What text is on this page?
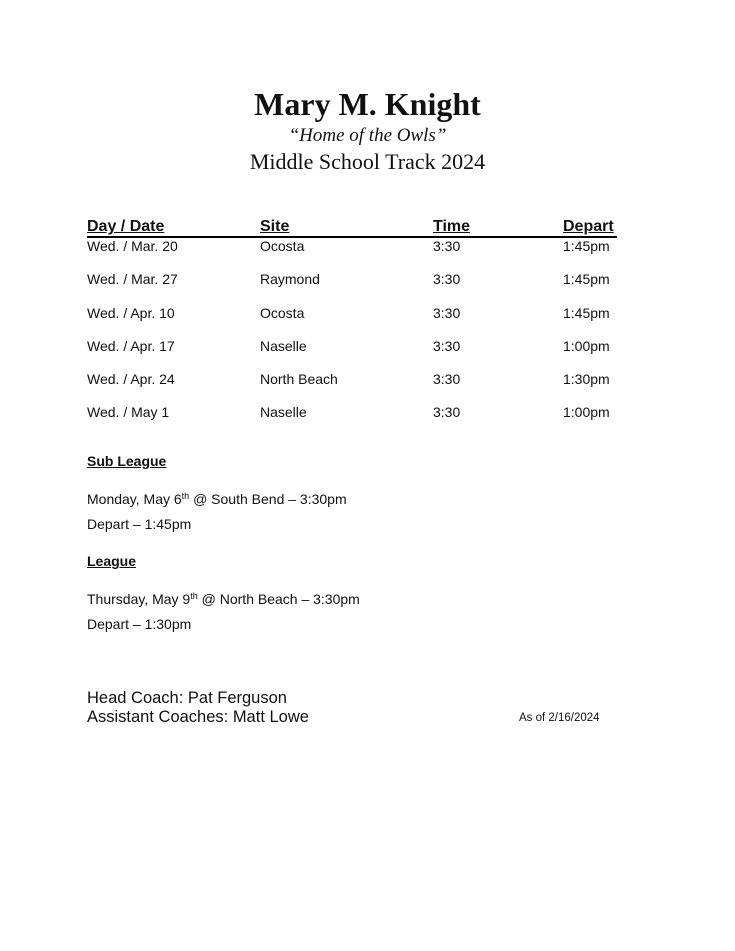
Mary M. Knight
“Home of the Owls”
Middle School Track 2024
Day / Date	Site	Time	Depart
Wed. / Mar. 20	Ocosta	3:30	1:45pm
Wed. / Mar. 27	Raymond	3:30	1:45pm
Wed. / Apr. 10	Ocosta	3:30	1:45pm
Wed. / Apr. 17	Naselle	3:30	1:00pm
Wed. / Apr. 24	North Beach	3:30	1:30pm
Wed. / May 1	Naselle	3:30	1:00pm
Sub League
Monday, May 6th @ South Bend – 3:30pm
Depart – 1:45pm
League
Thursday, May 9th @ North Beach – 3:30pm
Depart – 1:30pm
Head Coach: Pat Ferguson
Assistant Coaches: Matt Lowe	As of 2/16/2024
